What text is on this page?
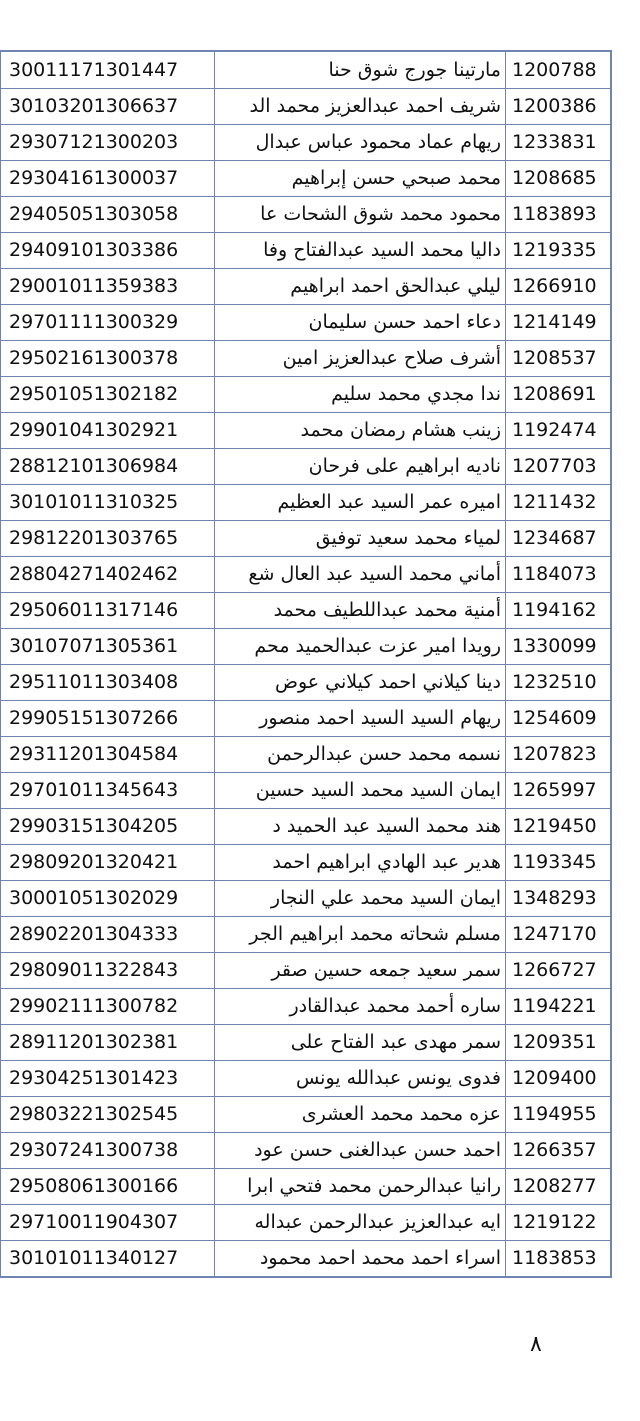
30011171301447	مارتينا جورج شوق حنا	1200788
30103201306637	شريف احمد عبدالعزيز محمد الد	1200386
29307121300203	ريهام عماد محمود عباس عبدال	1233831
29304161300037	محمد صبحي حسن إبراهيم	1208685
29405051303058	محمود محمد شوق الشحات عا	1183893
29409101303386	داليا محمد السيد عبدالفتاح وفا	1219335
29001011359383	ليلي عبدالحق احمد ابراهيم	1266910
29701111300329	دعاء احمد حسن سليمان	1214149
29502161300378	أشرف صلاح عبدالعزيز امين	1208537
29501051302182	ندا مجدي محمد سليم	1208691
29901041302921	زينب هشام رمضان محمد	1192474
28812101306984	ناديه ابراهيم على فرحان	1207703
30101011310325	اميره عمر السيد عبد العظيم	1211432
29812201303765	لمياء محمد سعيد توفيق	1234687
28804271402462	أماني محمد السيد عبد العال شع	1184073
29506011317146	أمنية محمد عبداللطيف محمد	1194162
30107071305361	رويدا امير عزت عبدالحميد محم	1330099
29511011303408	دينا كيلاني احمد كيلاني عوض	1232510
29905151307266	ريهام السيد السيد احمد منصور	1254609
29311201304584	نسمه محمد حسن عبدالرحمن	1207823
29701011345643	ايمان السيد محمد السيد حسين	1265997
29903151304205	هند محمد السيد عبد الحميد د	1219450
29809201320421	هدير عبد الهادي ابراهيم احمد	1193345
30001051302029	ايمان السيد محمد علي النجار	1348293
28902201304333	مسلم شحاته محمد ابراهيم الجر	1247170
29809011322843	سمر سعيد جمعه حسين صقر	1266727
29902111300782	ساره أحمد محمد عبدالقادر	1194221
28911201302381	سمر مهدى عبد الفتاح على	1209351
29304251301423	فدوى يونس عبدالله يونس	1209400
29803221302545	عزه محمد محمد العشرى	1194955
29307241300738	احمد حسن عبدالغنى حسن عود	1266357
29508061300166	رانيا عبدالرحمن محمد فتحي ابرا	1208277
29710011904307	ايه عبدالعزيز عبدالرحمن عبداله	1219122
30101011340127	اسراء احمد محمد احمد محمود	1183853
٨
